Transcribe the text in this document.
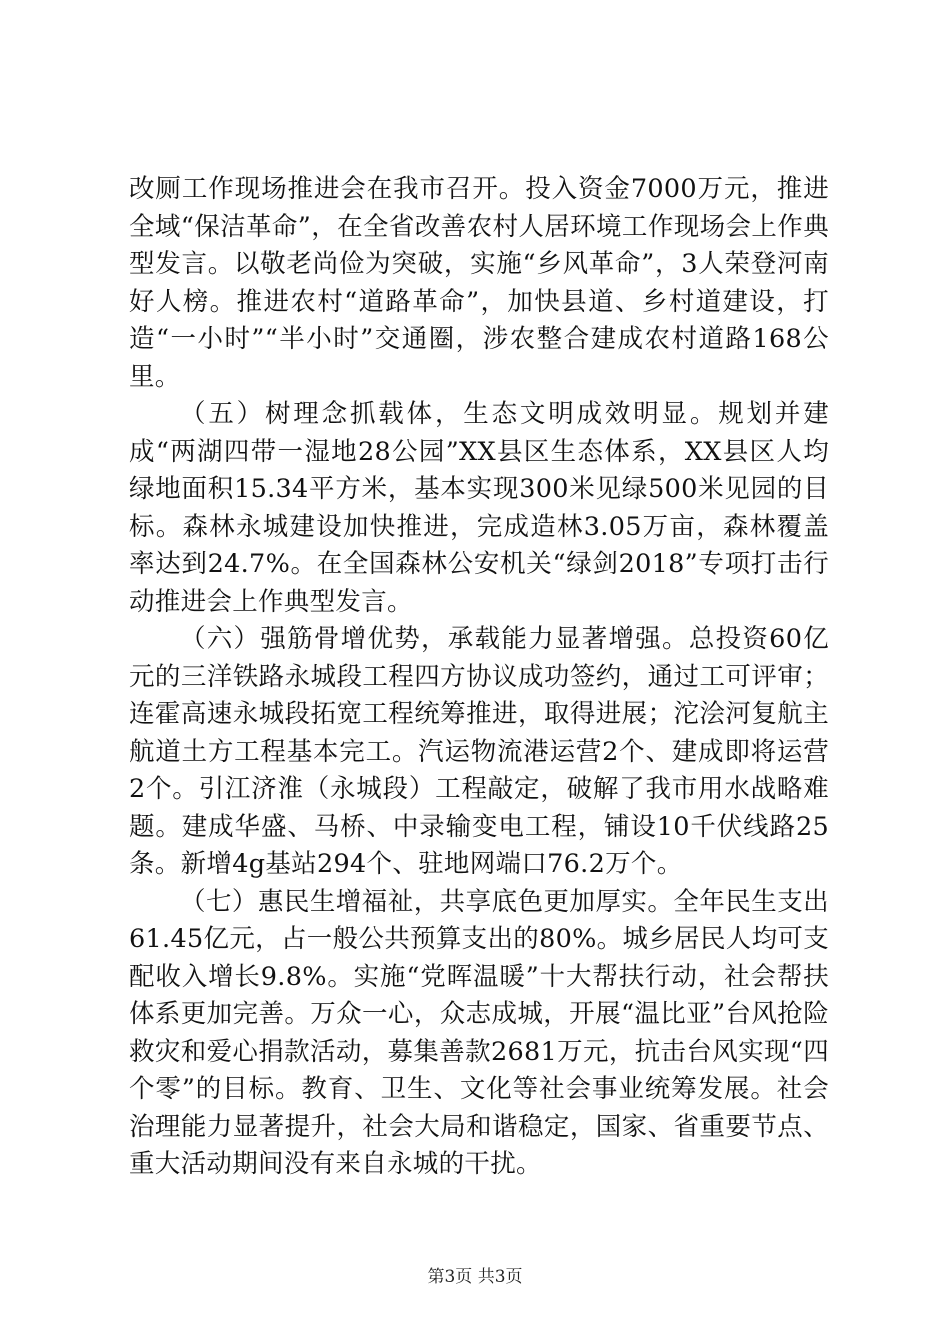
改厕工作现场推进会在我市召开。投入资金7000万元，推进全域“保洁革命”，在全省改善农村人居环境工作现场会上作典型发言。以敬老尚俭为突破，实施“乡风革命”，3人荣登河南好人榜。推进农村“道路革命”，加快县道、乡村道建设，打造“一小时”“半小时”交通圈，涉农整合建成农村道路168公里。

（五）树理念抓载体，生态文明成效明显。规划并建成“两湖四带一湿地28公园”XX县区生态体系，XX县区人均绿地面积15.34平方米，基本实现300米见绿500米见园的目标。森林永城建设加快推进，完成造林3.05万亩，森林覆盖率达到24.7%。在全国森林公安机关“绿剑2018”专项打击行动推进会上作典型发言。

（六）强筋骨增优势，承载能力显著增强。总投资60亿元的三洋铁路永城段工程四方协议成功签约，通过工可评审；连霍高速永城段拓宽工程统筹推进，取得进展；沱浍河复航主航道土方工程基本完工。汽运物流港运营2个、建成即将运营2个。引江济淮（永城段）工程敲定，破解了我市用水战略难题。建成华盛、马桥、中录输变电工程，铺设10千伏线路25条。新增4g基站294个、驻地网端口76.2万个。

（七）惠民生增福祉，共享底色更加厚实。全年民生支出61.45亿元，占一般公共预算支出的80%。城乡居民人均可支配收入增长9.8%。实施“党晖温暖”十大帮扶行动，社会帮扶体系更加完善。万众一心，众志成城，开展“温比亚”台风抢险救灾和爱心捐款活动，募集善款2681万元，抗击台风实现“四个零”的目标。教育、卫生、文化等社会事业统筹发展。社会治理能力显著提升，社会大局和谐稳定，国家、省重要节点、重大活动期间没有来自永城的干扰。

第3页 共3页
